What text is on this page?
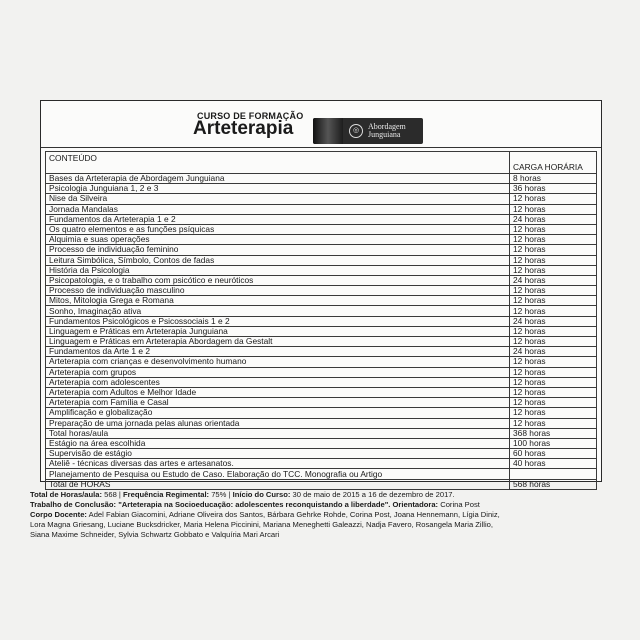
CURSO DE FORMAÇÃO
Arteterapia	◎	Abordagem
Junguiana
CONTEÚDO	CARGA HORÁRIA
Bases da Arteterapia de Abordagem Junguiana	8 horas
Psicologia Junguiana 1, 2 e 3	36 horas
Nise da Silveira	12 horas
Jornada Mandalas	12 horas
Fundamentos da Arteterapia 1 e 2	24 horas
Os quatro elementos e as funções psíquicas	12 horas
Alquimia e suas operações	12 horas
Processo de individuação feminino	12 horas
Leitura Simbólica, Símbolo, Contos de fadas	12 horas
História da Psicologia	12 horas
Psicopatologia, e o trabalho com psicótico e neuróticos	24 horas
Processo de individuação masculino	12 horas
Mitos, Mitologia Grega e Romana	12 horas
Sonho, Imaginação ativa	12 horas
Fundamentos Psicológicos e Psicossociais 1 e 2	24 horas
Linguagem e Práticas em Arteterapia Junguiana	12 horas
Linguagem e Práticas em Arteterapia Abordagem da Gestalt	12 horas
Fundamentos da Arte 1 e 2	24 horas
Arteterapia com crianças e desenvolvimento humano	12 horas
Arteterapia com grupos	12 horas
Arteterapia com adolescentes	12 horas
Arteterapia com Adultos e Melhor Idade	12 horas
Arteterapia com Família e Casal	12 horas
Amplificação e globalização	12 horas
Preparação de uma jornada pelas alunas orientada	12 horas
Total horas/aula	368 horas
Estágio na área escolhida	100 horas
Supervisão de estágio	60 horas
Ateliê - técnicas diversas das artes e artesanatos.	40 horas
Planejamento de Pesquisa ou Estudo de Caso. Elaboração do TCC. Monografia ou Artigo	
Total de HORAS	568 horas
Total de Horas/aula: 568 | Frequência Regimental: 75% | Início do Curso: 30 de maio de 2015 a 16 de dezembro de 2017.
Trabalho de Conclusão: "Arteterapia na Socioeducação: adolescentes reconquistando a liberdade". Orientadora: Corina Post
Corpo Docente: Adel Fabian Giacomini, Adriane Oliveira dos Santos, Bárbara Gehrke Rohde, Corina Post, Joana Hennemann, Lígia Diniz,
Lora Magna Griesang, Luciane Bucksdricker, Maria Helena Piccinini, Mariana Meneghetti Galeazzi, Nadja Favero, Rosangela Maria Zillio,
Siana Maxime Schneider, Sylvia Schwartz Gobbato e Valquíria Mari Arcari
